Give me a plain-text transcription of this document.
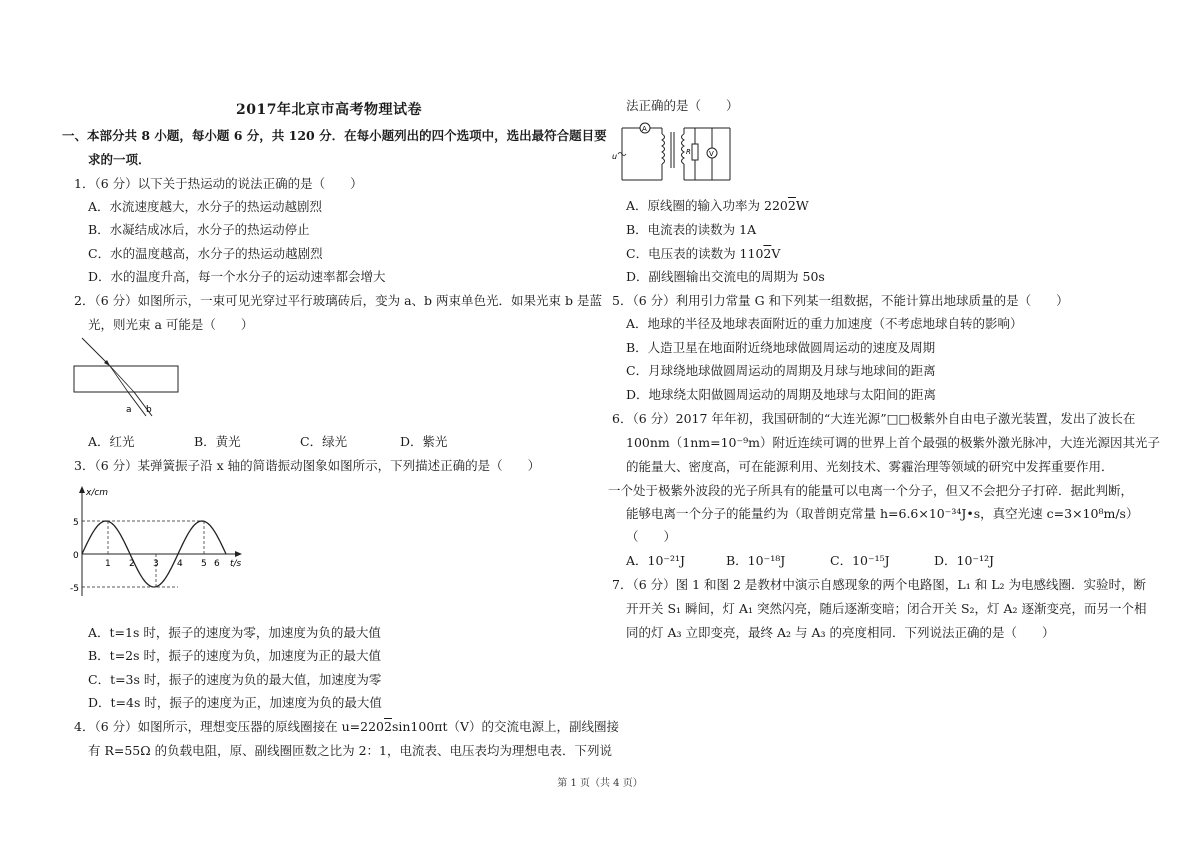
2017年北京市高考物理试卷
一、本部分共 8 小题，每小题 6 分，共 120 分．在每小题列出的四个选项中，选出最符合题目要
求的一项．
1．（6 分）以下关于热运动的说法正确的是（　　）
A．水流速度越大，水分子的热运动越剧烈
B．水凝结成冰后，水分子的热运动停止
C．水的温度越高，水分子的热运动越剧烈
D．水的温度升高，每一个水分子的运动速率都会增大
2．（6 分）如图所示，一束可见光穿过平行玻璃砖后，变为 a、b 两束单色光．如果光束 b 是蓝
光，则光束 a 可能是（　　）
a b
A．红光	B．黄光	C．绿光	D．紫光
3．（6 分）某弹簧振子沿 x 轴的简谐振动图象如图所示，下列描述正确的是（　　）
x/cm
t/s
0
5
-5
1 2 3 4 5 6
A．t=1s 时，振子的速度为零，加速度为负的最大值
B．t=2s 时，振子的速度为负，加速度为正的最大值
C．t=3s 时，振子的速度为负的最大值，加速度为零
D．t=4s 时，振子的速度为正，加速度为负的最大值
4．（6 分）如图所示，理想变压器的原线圈接在 u=2202sin100πt（V）的交流电源上，副线圈接
有 R=55Ω 的负载电阻，原、副线圈匝数之比为 2：1，电流表、电压表均为理想电表．下列说
法正确的是（　　）
A
u	R	V
A．原线圈的输入功率为 2202W
B．电流表的读数为 1A
C．电压表的读数为 1102V
D．副线圈输出交流电的周期为 50s
5．（6 分）利用引力常量 G 和下列某一组数据，不能计算出地球质量的是（　　）
A．地球的半径及地球表面附近的重力加速度（不考虑地球自转的影响）
B．人造卫星在地面附近绕地球做圆周运动的速度及周期
C．月球绕地球做圆周运动的周期及月球与地球间的距离
D．地球绕太阳做圆周运动的周期及地球与太阳间的距离
6．（6 分）2017 年年初，我国研制的“大连光源”□□极紫外自由电子激光装置，发出了波长在
100nm（1nm=10⁻⁹m）附近连续可调的世界上首个最强的极紫外激光脉冲，大连光源因其光子
的能量大、密度高，可在能源利用、光刻技术、雾霾治理等领域的研究中发挥重要作用．
一个处于极紫外波段的光子所具有的能量可以电离一个分子，但又不会把分子打碎．据此判断，
能够电离一个分子的能量约为（取普朗克常量 h=6.6×10⁻³⁴J•s，真空光速 c=3×10⁸m/s）
（　　）
A．10⁻²¹J	B．10⁻¹⁸J	C．10⁻¹⁵J	D．10⁻¹²J
7．（6 分）图 1 和图 2 是教材中演示自感现象的两个电路图，L₁ 和 L₂ 为电感线圈．实验时，断
开开关 S₁ 瞬间，灯 A₁ 突然闪亮，随后逐渐变暗；闭合开关 S₂，灯 A₂ 逐渐变亮，而另一个相
同的灯 A₃ 立即变亮，最终 A₂ 与 A₃ 的亮度相同．下列说法正确的是（　　）
第 1 页（共 4 页）
